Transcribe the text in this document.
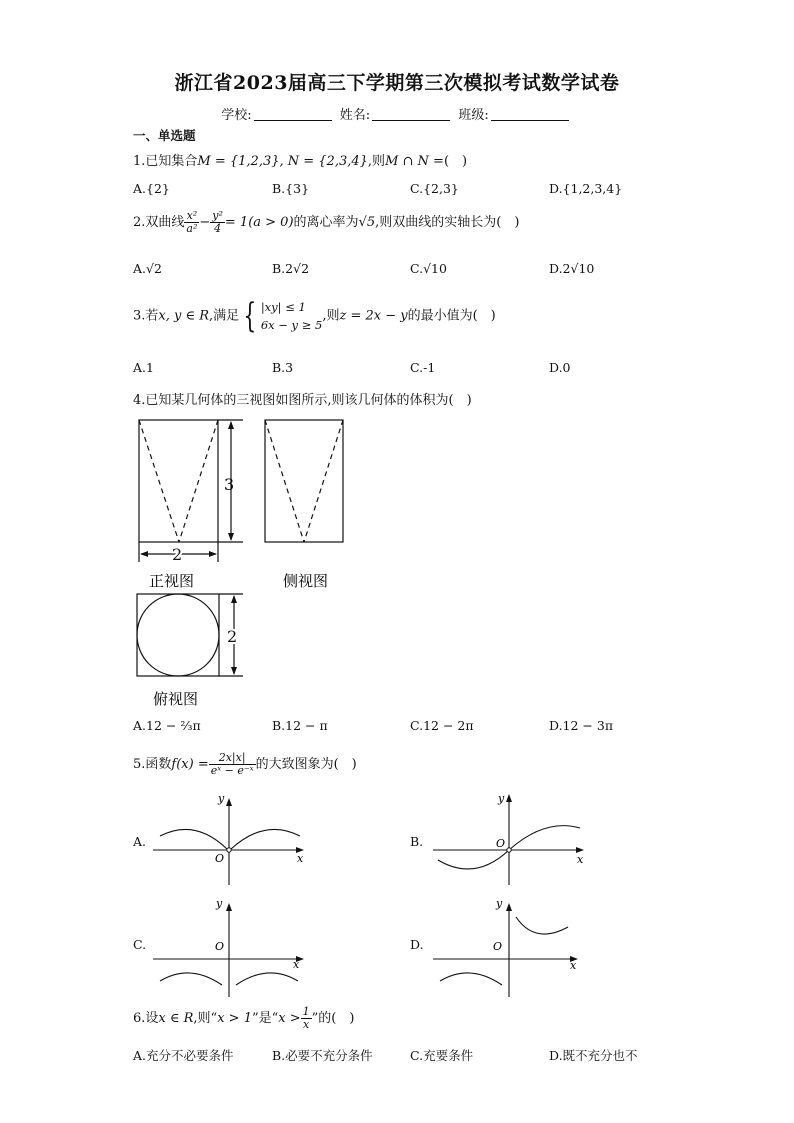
浙江省2023届高三下学期第三次模拟考试数学试卷
学校:	姓名:	班级:
一、单选题
1.已知集合M = {1,2,3}, N = {2,3,4},则M ∩ N =(　)
A.{2}	B.{3}	C.{2,3}	D.{1,2,3,4}
2.双曲线 $\frac{\text{x²}}{\text{a²}} - \frac{\text{y²}}{4} = 1(a > 0)$的离心率为√5,则双曲线的实轴长为(　)
A.√2	B.2√2	C.√10	D.2√10
3.若x, y ∈ R,满足 { |xy| ≤ 1
6x − y ≥ 5
,则z = 2x − y的最小值为(　)
A.1	B.3	C.-1	D.0
4.已知某几何体的三视图如图所示,则该几何体的体积为(　)
3
2
2
正视图	侧视图
俯视图
A.12 − ⅔π	B.12 − π	C.12 − 2π	D.12 − 3π
5.函数$f(x) = \frac{2x|x|}{\text{eˣ − e⁻ˣ}}$ 的大致图象为(　)
A.	B.
C.	D.
y
x
O
y
x
O
y
x
O
y
x
O
6.设x ∈ R,则“x > 1”是“$x > \frac{1}{x}$ ”的(　)
A.充分不必要条件	B.必要不充分条件	C.充要条件	D.既不充分也不
